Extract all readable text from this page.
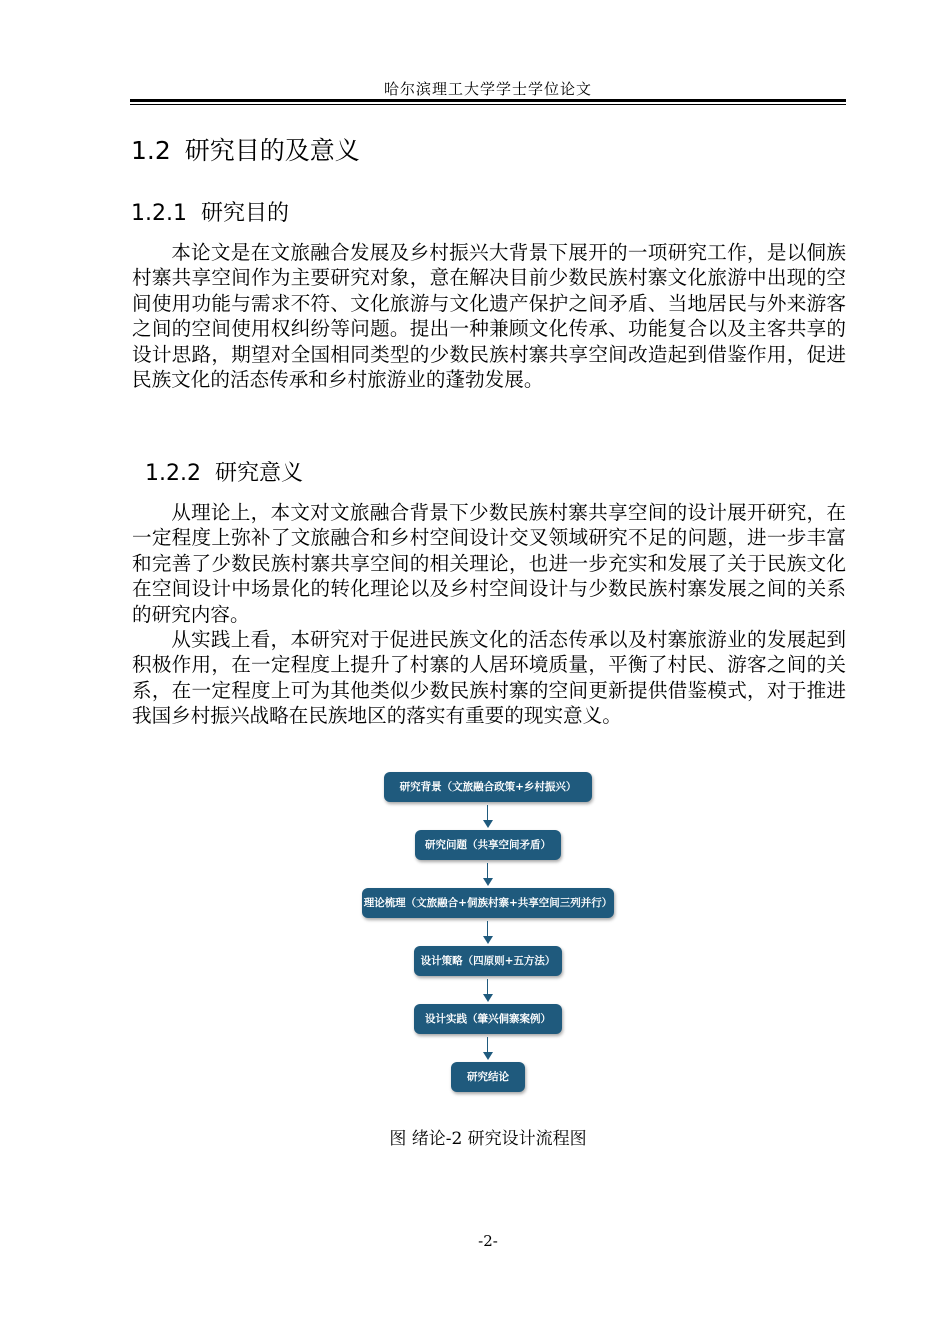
哈尔滨理工大学学士学位论文
1.2 研究目的及意义
1.2.1 研究目的

本论文是在文旅融合发展及乡村振兴大背景下展开的一项研究工作，是以侗族村寨共享空间作为主要研究对象，意在解决目前少数民族村寨文化旅游中出现的空间使用功能与需求不符、文化旅游与文化遗产保护之间矛盾、当地居民与外来游客之间的空间使用权纠纷等问题。提出一种兼顾文化传承、功能复合以及主客共享的设计思路，期望对全国相同类型的少数民族村寨共享空间改造起到借鉴作用，促进民族文化的活态传承和乡村旅游业的蓬勃发展。

1.2.2 研究意义

从理论上，本文对文旅融合背景下少数民族村寨共享空间的设计展开研究，在一定程度上弥补了文旅融合和乡村空间设计交叉领域研究不足的问题，进一步丰富和完善了少数民族村寨共享空间的相关理论，也进一步充实和发展了关于民族文化在空间设计中场景化的转化理论以及乡村空间设计与少数民族村寨发展之间的关系的研究内容。

从实践上看，本研究对于促进民族文化的活态传承以及村寨旅游业的发展起到积极作用，在一定程度上提升了村寨的人居环境质量，平衡了村民、游客之间的关系，在一定程度上可为其他类似少数民族村寨的空间更新提供借鉴模式，对于推进我国乡村振兴战略在民族地区的落实有重要的现实意义。

研究背景（文旅融合政策+乡村振兴）
研究问题（共享空间矛盾）
理论梳理（文旅融合+侗族村寨+共享空间三列并行）
设计策略（四原则+五方法）
设计实践（肇兴侗寨案例）
研究结论
图 绪论-2 研究设计流程图
-2-
